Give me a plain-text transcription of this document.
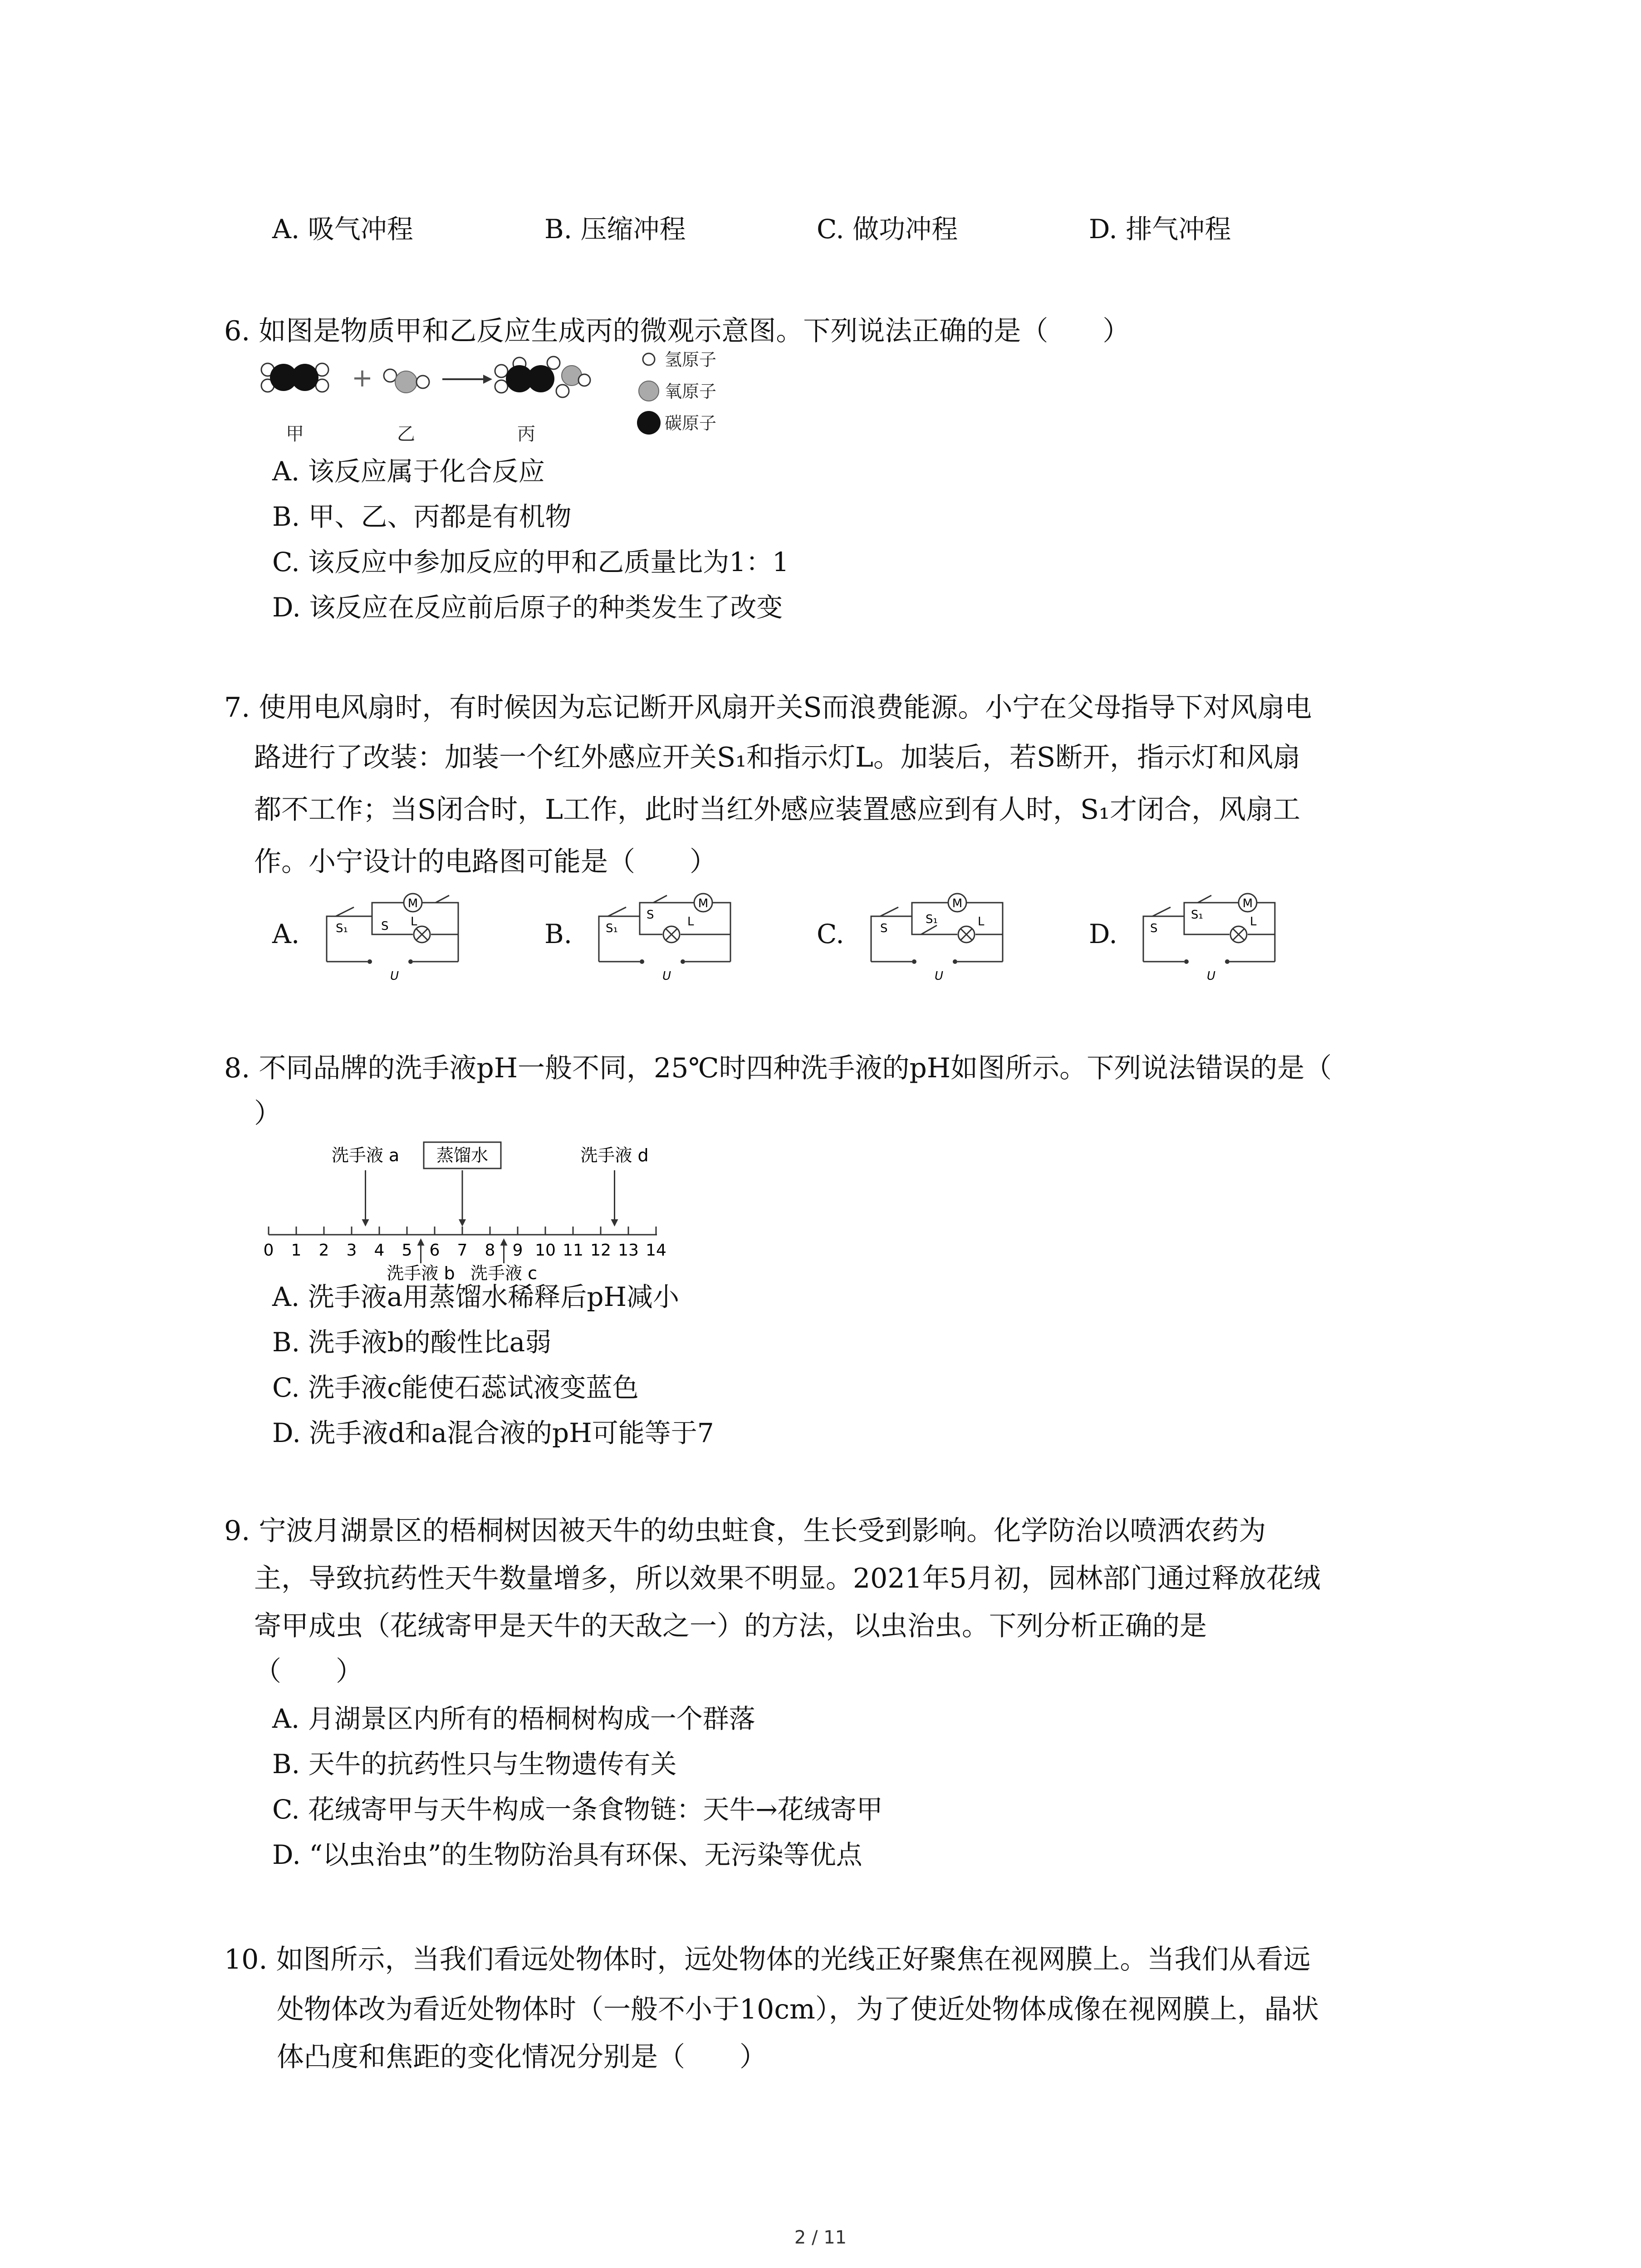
A. 吸气冲程	B. 压缩冲程	C. 做功冲程	D. 排气冲程
6. 如图是物质甲和乙反应生成丙的微观示意图。下列说法正确的是（　　）
+
甲	乙	丙
氢原子
氧原子
碳原子
A. 该反应属于化合反应
B. 甲、乙、丙都是有机物
C. 该反应中参加反应的甲和乙质量比为1：1
D. 该反应在反应前后原子的种类发生了改变
7. 使用电风扇时，有时候因为忘记断开风扇开关S而浪费能源。小宁在父母指导下对风扇电
路进行了改装：加装一个红外感应开关S₁和指示灯L。加装后，若S断开，指示灯和风扇
都不工作；当S闭合时，L工作，此时当红外感应装置感应到有人时，S₁才闭合，风扇工
作。小宁设计的电路图可能是（　　）
A.
M
S₁	S L
U
B.
M
S₁
S	L
U
C.
M
S
S₁	L
U
D.
M
S
S₁	L
U
8. 不同品牌的洗手液pH一般不同，25℃时四种洗手液的pH如图所示。下列说法错误的是（
）
0 1 2 3 4 5 6 7 8 9 10 11 12 13 14
洗手液 a 蒸馏水	洗手液 d
洗手液 b 洗手液 c
A. 洗手液a用蒸馏水稀释后pH减小
B. 洗手液b的酸性比a弱
C. 洗手液c能使石蕊试液变蓝色
D. 洗手液d和a混合液的pH可能等于7
9. 宁波月湖景区的梧桐树因被天牛的幼虫蛀食，生长受到影响。化学防治以喷洒农药为
主，导致抗药性天牛数量增多，所以效果不明显。2021年5月初，园林部门通过释放花绒
寄甲成虫（花绒寄甲是天牛的天敌之一）的方法，以虫治虫。下列分析正确的是
（　　）
A. 月湖景区内所有的梧桐树构成一个群落
B. 天牛的抗药性只与生物遗传有关
C. 花绒寄甲与天牛构成一条食物链：天牛→花绒寄甲
D. “以虫治虫”的生物防治具有环保、无污染等优点
10. 如图所示，当我们看远处物体时，远处物体的光线正好聚焦在视网膜上。当我们从看远
处物体改为看近处物体时（一般不小于10cm），为了使近处物体成像在视网膜上，晶状
体凸度和焦距的变化情况分别是（　　）
2 / 11
